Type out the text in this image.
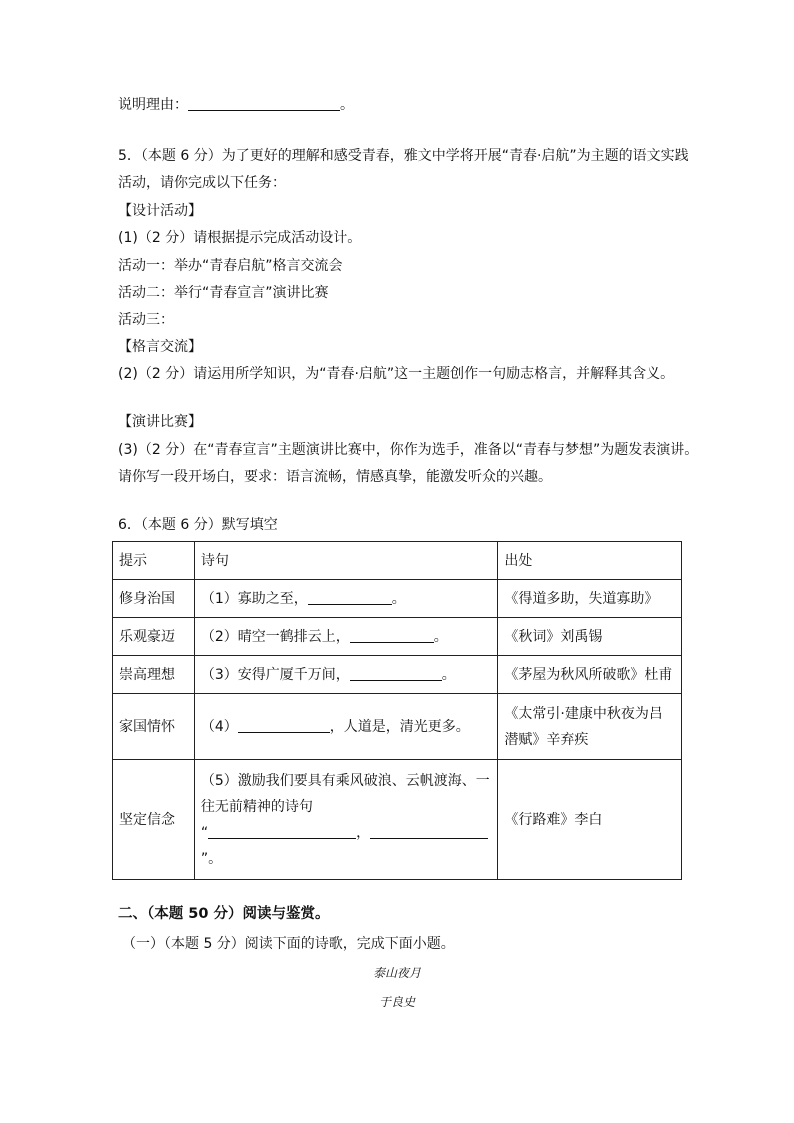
说明理由：	。
5．（本题 6 分）为了更好的理解和感受青春，雅文中学将开展“青春·启航”为主题的语文实践
活动，请你完成以下任务：
【设计活动】
(1)（2 分）请根据提示完成活动设计。
活动一：举办“青春启航”格言交流会
活动二：举行“青春宣言”演讲比赛
活动三：
【格言交流】
(2)（2 分）请运用所学知识，为“青春·启航”这一主题创作一句励志格言，并解释其含义。
【演讲比赛】
(3)（2 分）在“青春宣言”主题演讲比赛中，你作为选手，准备以“青春与梦想”为题发表演讲。
请你写一段开场白，要求：语言流畅，情感真挚，能激发听众的兴趣。
6．（本题 6 分）默写填空
提示	诗句	出处
修身治国	（1）寡助之至， 。	《得道多助，失道寡助》
乐观豪迈	（2）晴空一鹤排云上， 。	《秋词》刘禹锡
崇高理想	（3）安得广厦千万间， 。	《茅屋为秋风所破歌》杜甫
家国情怀	（4） ，人道是，清光更多。	《太常引·建康中秋夜为吕
潜赋》辛弃疾

坚定信念	（5）激励我们要具有乘风破浪、云帆渡海、一
往无前精神的诗句
“ ，
”。	《行路难》李白
二、（本题 50 分）阅读与鉴赏。
（一）（本题 5 分）阅读下面的诗歌，完成下面小题。
泰山夜月
于良史
